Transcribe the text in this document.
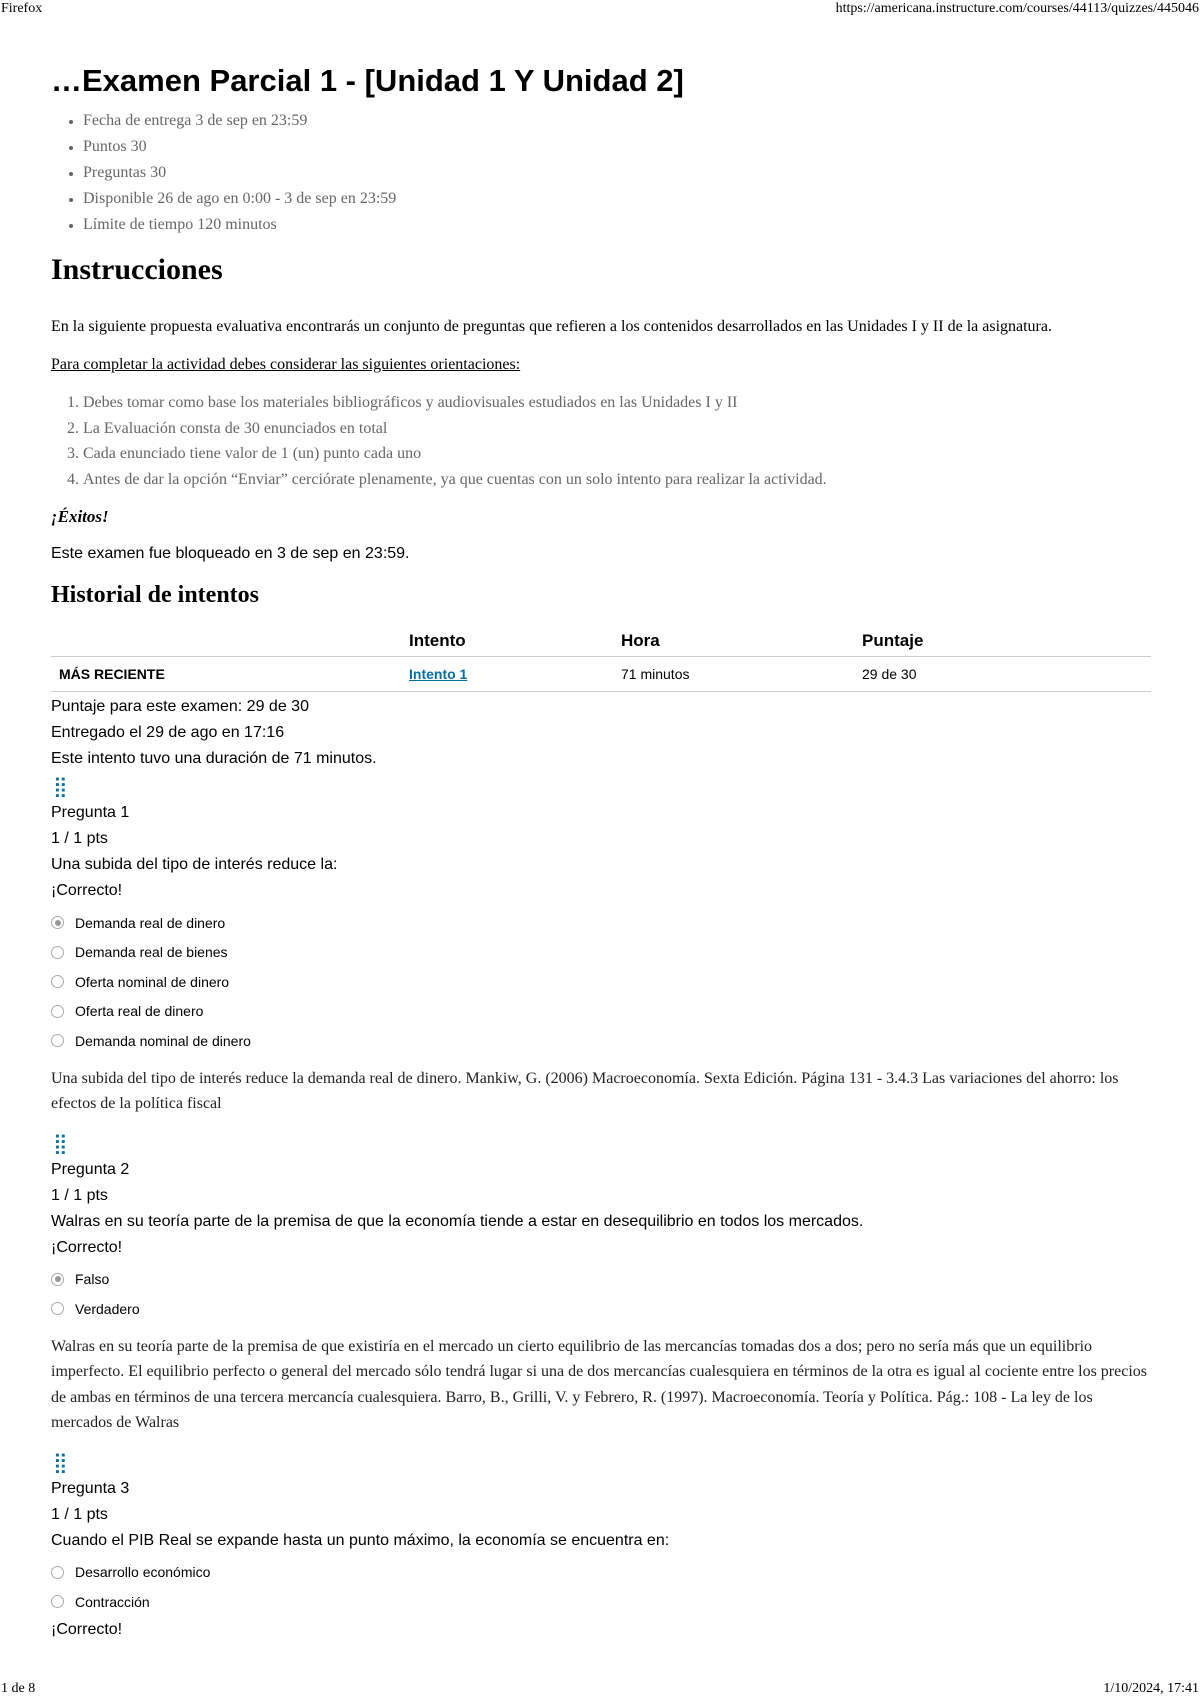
Firefox	https://americana.instructure.com/courses/44113/quizzes/445046
…Examen Parcial 1 - [Unidad 1 Y Unidad 2]
• Fecha de entrega 3 de sep en 23:59
• Puntos 30
• Preguntas 30
• Disponible 26 de ago en 0:00 - 3 de sep en 23:59
• Límite de tiempo 120 minutos
Instrucciones

En la siguiente propuesta evaluativa encontrarás un conjunto de preguntas que refieren a los contenidos desarrollados en las Unidades I y II de la asignatura.

Para completar la actividad debes considerar las siguientes orientaciones:

1. Debes tomar como base los materiales bibliográficos y audiovisuales estudiados en las Unidades I y II
2. La Evaluación consta de 30 enunciados en total
3. Cada enunciado tiene valor de 1 (un) punto cada uno
4. Antes de dar la opción “Enviar” cerciórate plenamente, ya que cuentas con un solo intento para realizar la actividad.
¡Éxitos!
Este examen fue bloqueado en 3 de sep en 23:59.
Historial de intentos
	Intento	Hora	Puntaje
MÁS RECIENTE	Intento 1	71 minutos	29 de 30
Puntaje para este examen: 29 de 30
Entregado el 29 de ago en 17:16
Este intento tuvo una duración de 71 minutos.
⣿
Pregunta 1
1 / 1 pts
Una subida del tipo de interés reduce la:
¡Correcto!
Demanda real de dinero
Demanda real de bienes
Oferta nominal de dinero
Oferta real de dinero
Demanda nominal de dinero
Una subida del tipo de interés reduce la demanda real de dinero. Mankiw, G. (2006) Macroeconomía. Sexta Edición. Página 131 - 3.4.3 Las variaciones del ahorro: los efectos de la política fiscal
⣿
Pregunta 2
1 / 1 pts
Walras en su teoría parte de la premisa de que la economía tiende a estar en desequilibrio en todos los mercados.
¡Correcto!
Falso
Verdadero
Walras en su teoría parte de la premisa de que existiría en el mercado un cierto equilibrio de las mercancías tomadas dos a dos; pero no sería más que un equilibrio imperfecto. El equilibrio perfecto o general del mercado sólo tendrá lugar si una de dos mercancías cualesquiera en términos de la otra es igual al cociente entre los precios de ambas en términos de una tercera mercancía cualesquiera. Barro, B., Grilli, V. y Febrero, R. (1997). Macroeconomía. Teoría y Política. Pág.: 108 - La ley de los mercados de Walras
⣿
Pregunta 3
1 / 1 pts
Cuando el PIB Real se expande hasta un punto máximo, la economía se encuentra en:
Desarrollo económico
Contracción
¡Correcto!
1 de 8	1/10/2024, 17:41
